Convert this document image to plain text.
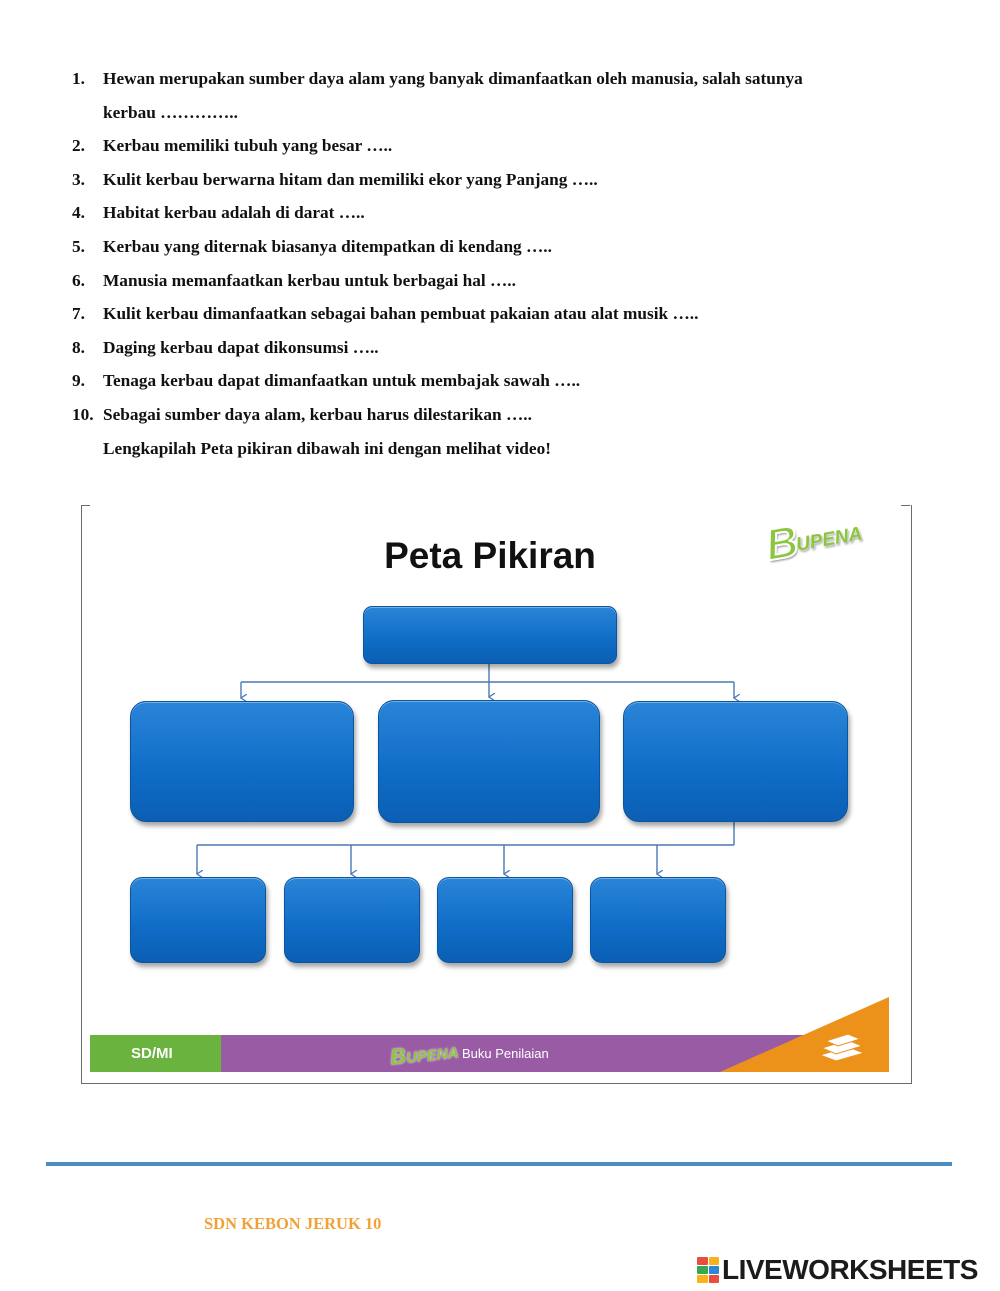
1.	Hewan merupakan sumber daya alam yang banyak dimanfaatkan oleh manusia, salah satunya
kerbau …………..
2.	Kerbau memiliki tubuh yang besar …..
3.	Kulit kerbau berwarna hitam dan memiliki ekor yang Panjang …..
4.	Habitat kerbau adalah di darat …..
5.	Kerbau yang diternak biasanya ditempatkan di kendang …..
6.	Manusia memanfaatkan kerbau untuk berbagai hal …..
7.	Kulit kerbau dimanfaatkan sebagai bahan pembuat pakaian atau alat musik …..
8.	Daging kerbau dapat dikonsumsi …..
9.	Tenaga kerbau dapat dimanfaatkan untuk membajak sawah …..
10. Sebagai sumber daya alam, kerbau harus dilestarikan …..
Lengkapilah Peta pikiran dibawah ini dengan melihat video!
Peta Pikiran	B
UPENA
SD/MI	BUPENA Buku Penilaian
SDN KEBON JERUK 10
LIVEWORKSHEETS
